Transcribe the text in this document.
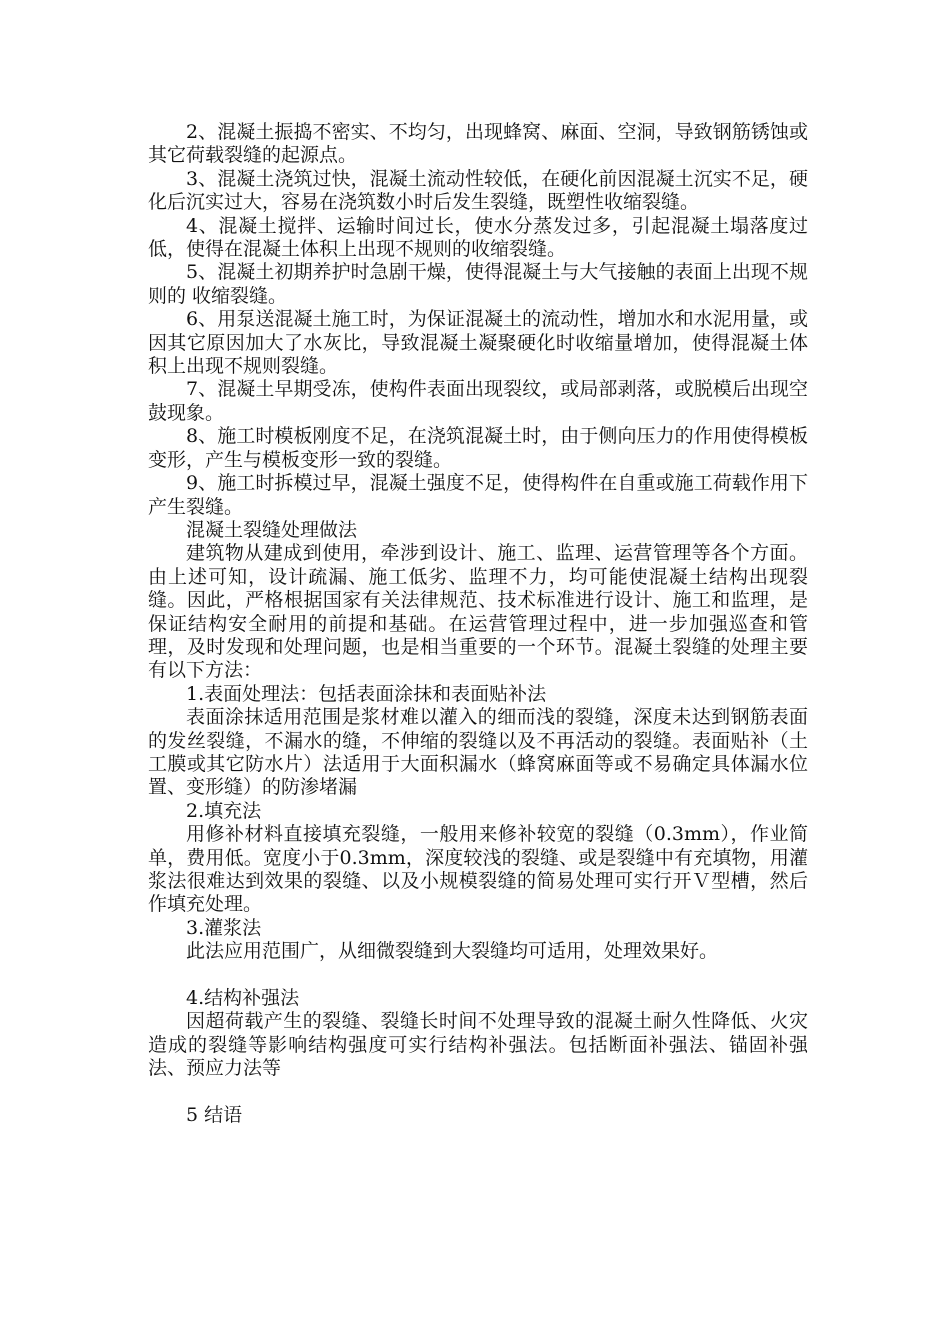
2、混凝土振捣不密实、不均匀，出现蜂窝、麻面、空洞，导致钢筋锈蚀或其它荷载裂缝的起源点。

3、混凝土浇筑过快，混凝土流动性较低，在硬化前因混凝土沉实不足，硬化后沉实过大，容易在浇筑数小时后发生裂缝，既塑性收缩裂缝。

4、混凝土搅拌、运输时间过长，使水分蒸发过多，引起混凝土塌落度过低，使得在混凝土体积上出现不规则的收缩裂缝。

5、混凝土初期养护时急剧干燥，使得混凝土与大气接触的表面上出现不规则的 收缩裂缝。

6、用泵送混凝土施工时，为保证混凝土的流动性，增加水和水泥用量，或因其它原因加大了水灰比，导致混凝土凝聚硬化时收缩量增加，使得混凝土体积上出现不规则裂缝。

7、混凝土早期受冻，使构件表面出现裂纹，或局部剥落，或脱模后出现空鼓现象。

8、施工时模板刚度不足，在浇筑混凝土时，由于侧向压力的作用使得模板变形，产生与模板变形一致的裂缝。

9、施工时拆模过早，混凝土强度不足，使得构件在自重或施工荷载作用下产生裂缝。

混凝土裂缝处理做法

建筑物从建成到使用，牵涉到设计、施工、监理、运营管理等各个方面。由上述可知，设计疏漏、施工低劣、监理不力，均可能使混凝土结构出现裂缝。因此，严格根据国家有关法律规范、技术标准进行设计、施工和监理，是保证结构安全耐用的前提和基础。在运营管理过程中，进一步加强巡查和管理，及时发现和处理问题，也是相当重要的一个环节。混凝土裂缝的处理主要有以下方法：

1.表面处理法：包括表面涂抹和表面贴补法

表面涂抹适用范围是浆材难以灌入的细而浅的裂缝，深度未达到钢筋表面的发丝裂缝，不漏水的缝，不伸缩的裂缝以及不再活动的裂缝。表面贴补（土工膜或其它防水片）法适用于大面积漏水（蜂窝麻面等或不易确定具体漏水位置、变形缝）的防渗堵漏

2.填充法

用修补材料直接填充裂缝，一般用来修补较宽的裂缝（0.3mm），作业简单，费用低。宽度小于0.3mm，深度较浅的裂缝、或是裂缝中有充填物，用灌浆法很难达到效果的裂缝、以及小规模裂缝的简易处理可实行开Ｖ型槽，然后作填充处理。

3.灌浆法

此法应用范围广，从细微裂缝到大裂缝均可适用，处理效果好。

4.结构补强法

因超荷载产生的裂缝、裂缝长时间不处理导致的混凝土耐久性降低、火灾造成的裂缝等影响结构强度可实行结构补强法。包括断面补强法、锚固补强法、预应力法等

5 结语
